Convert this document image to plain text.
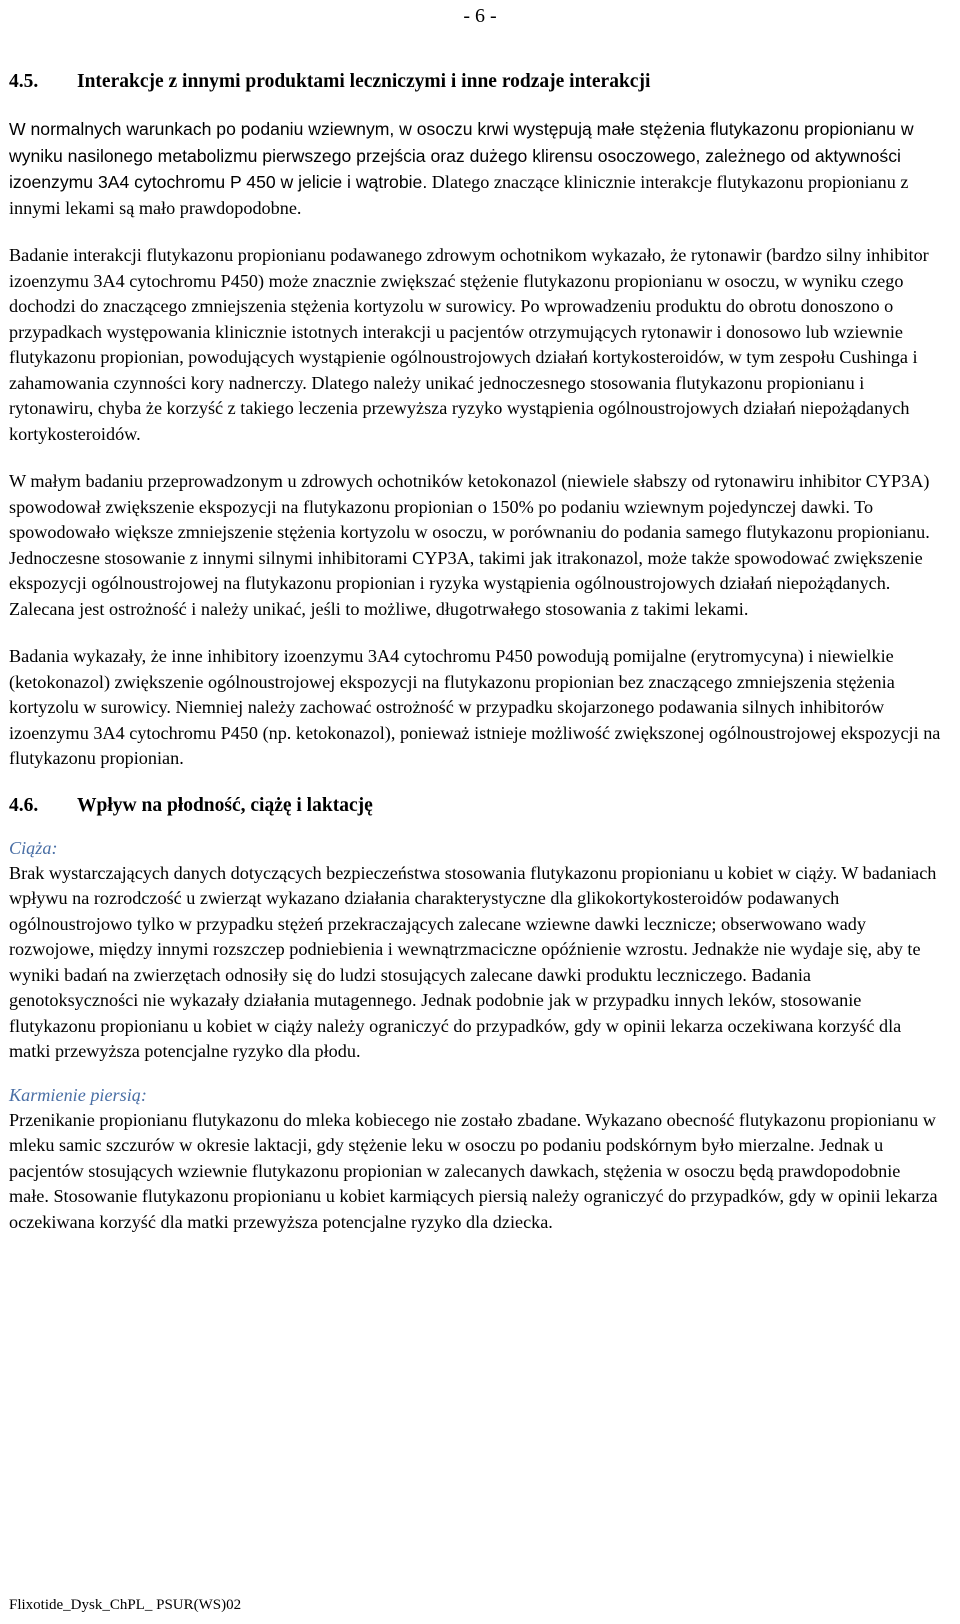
- 6 -
4.5.	Interakcje z innymi produktami leczniczymi i inne rodzaje interakcji

W normalnych warunkach po podaniu wziewnym, w osoczu krwi występują małe stężenia flutykazonu propionianu w wyniku nasilonego metabolizmu pierwszego przejścia oraz dużego klirensu osoczowego, zależnego od aktywności izoenzymu 3A4 cytochromu P 450 w jelicie i wątrobie. Dlatego znaczące klinicznie interakcje flutykazonu propionianu z innymi lekami są mało prawdopodobne.

Badanie interakcji flutykazonu propionianu podawanego zdrowym ochotnikom wykazało, że rytonawir (bardzo silny inhibitor izoenzymu 3A4 cytochromu P450) może znacznie zwiększać stężenie flutykazonu propionianu w osoczu, w wyniku czego dochodzi do znaczącego zmniejszenia stężenia kortyzolu w surowicy. Po wprowadzeniu produktu do obrotu donoszono o przypadkach występowania klinicznie istotnych interakcji u pacjentów otrzymujących rytonawir i donosowo lub wziewnie flutykazonu propionian, powodujących wystąpienie ogólnoustrojowych działań kortykosteroidów, w tym zespołu Cushinga i zahamowania czynności kory nadnerczy. Dlatego należy unikać jednoczesnego stosowania flutykazonu propionianu i rytonawiru, chyba że korzyść z takiego leczenia przewyższa ryzyko wystąpienia ogólnoustrojowych działań niepożądanych kortykosteroidów.

W małym badaniu przeprowadzonym u zdrowych ochotników ketokonazol (niewiele słabszy od rytonawiru inhibitor CYP3A) spowodował zwiększenie ekspozycji na flutykazonu propionian o 150% po podaniu wziewnym pojedynczej dawki. To spowodowało większe zmniejszenie stężenia kortyzolu w osoczu, w porównaniu do podania samego flutykazonu propionianu. Jednoczesne stosowanie z innymi silnymi inhibitorami CYP3A, takimi jak itrakonazol, może także spowodować zwiększenie ekspozycji ogólnoustrojowej na flutykazonu propionian i ryzyka wystąpienia ogólnoustrojowych działań niepożądanych. Zalecana jest ostrożność i należy unikać, jeśli to możliwe, długotrwałego stosowania z takimi lekami.

Badania wykazały, że inne inhibitory izoenzymu 3A4 cytochromu P450 powodują pomijalne (erytromycyna) i niewielkie (ketokonazol) zwiększenie ogólnoustrojowej ekspozycji na flutykazonu propionian bez znaczącego zmniejszenia stężenia kortyzolu w surowicy. Niemniej należy zachować ostrożność w przypadku skojarzonego podawania silnych inhibitorów izoenzymu 3A4 cytochromu P450 (np. ketokonazol), ponieważ istnieje możliwość zwiększonej ogólnoustrojowej ekspozycji na flutykazonu propionian.

4.6.	Wpływ na płodność, ciążę i laktację

Ciąża:

Brak wystarczających danych dotyczących bezpieczeństwa stosowania flutykazonu propionianu u kobiet w ciąży. W badaniach wpływu na rozrodczość u zwierząt wykazano działania charakterystyczne dla glikokortykosteroidów podawanych ogólnoustrojowo tylko w przypadku stężeń przekraczających zalecane wziewne dawki lecznicze; obserwowano wady rozwojowe, między innymi rozszczep podniebienia i wewnątrzmaciczne opóźnienie wzrostu. Jednakże nie wydaje się, aby te wyniki badań na zwierzętach odnosiły się do ludzi stosujących zalecane dawki produktu leczniczego. Badania genotoksyczności nie wykazały działania mutagennego. Jednak podobnie jak w przypadku innych leków, stosowanie flutykazonu propionianu u kobiet w ciąży należy ograniczyć do przypadków, gdy w opinii lekarza oczekiwana korzyść dla matki przewyższa potencjalne ryzyko dla płodu.

Karmienie piersią:

Przenikanie propionianu flutykazonu do mleka kobiecego nie zostało zbadane. Wykazano obecność flutykazonu propionianu w mleku samic szczurów w okresie laktacji, gdy stężenie leku w osoczu po podaniu podskórnym było mierzalne. Jednak u pacjentów stosujących wziewnie flutykazonu propionian w zalecanych dawkach, stężenia w osoczu będą prawdopodobnie małe. Stosowanie flutykazonu propionianu u kobiet karmiących piersią należy ograniczyć do przypadków, gdy w opinii lekarza oczekiwana korzyść dla matki przewyższa potencjalne ryzyko dla dziecka.

Flixotide_Dysk_ChPL_ PSUR(WS)02
